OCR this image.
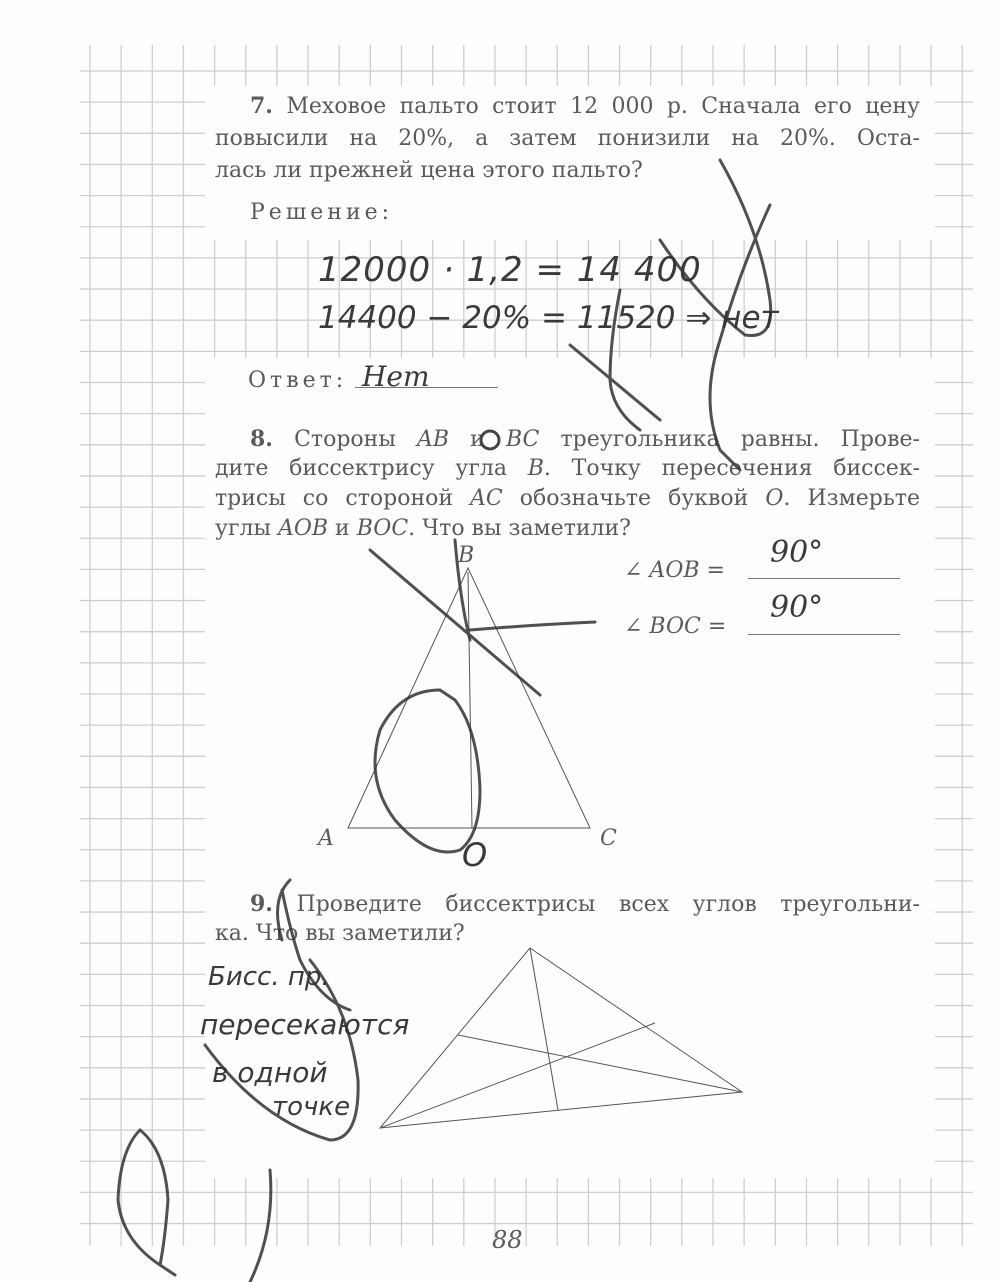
7. Меховое пальто стоит 12 000 р. Сначала его цену
повысили на 20%, а затем понизили на 20%. Оста-
лась ли прежней цена этого пальто?
Решение:
12000 · 1,2 = 14 400
14400 − 20% = 11520 ⇒ нет
Ответ: Нет
8. Стороны AB и BC треугольника равны. Прове-
дите биссектрису угла B. Точку пересечения биссек-
трисы со стороной AC обозначьте буквой O. Измерьте
углы AOB и BOC. Что вы заметили?
B
A	C
O
∠ AOB =
90°
∠ BOC =
90°
9. Проведите биссектрисы всех углов треугольни-
ка. Что вы заметили?
Бисс. пр.
пересекаются
в одной
точке
88
